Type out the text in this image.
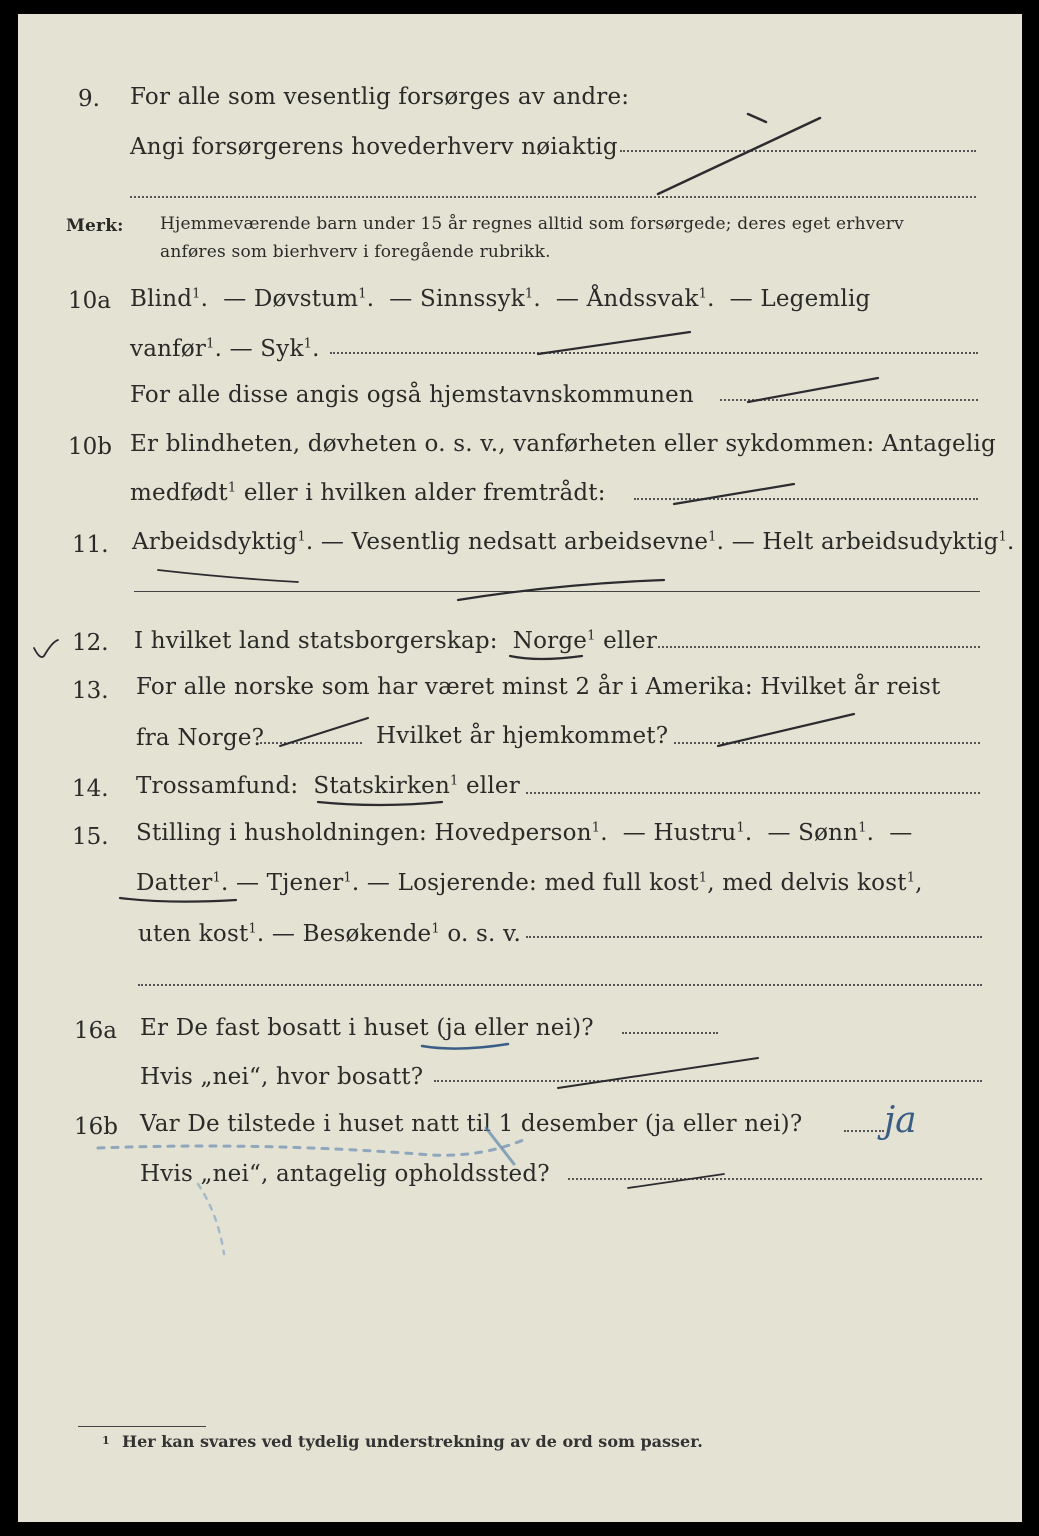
9. For alle som vesentlig forsørges av andre:
Angi forsørgerens hovederhverv nøiaktig
Merk: Hjemmeværende barn under 15 år regnes alltid som forsørgede; deres eget erhverv
anføres som bierhverv i foregående rubrikk.
10a Blind$^1$.  — Døvstum$^1$.  — Sinnssyk$^1$.  — Åndssvak$^1$.  — Legemlig
vanfør$^1$. — Syk$^1$.
For alle disse angis også hjemstavnskommunen
10b Er blindheten, døvheten o. s. v., vanførheten eller sykdommen: Antagelig
medfødt$^1$ eller i hvilken alder fremtrådt:
11. Arbeidsdyktig$^1$. — Vesentlig nedsatt arbeidsevne$^1$. — Helt arbeidsudyktig$^1$.
12. I hvilket land statsborgerskap: Norge$^1$ eller
13. For alle norske som har været minst 2 år i Amerika: Hvilket år reist
fra Norge?	Hvilket år hjemkommet?
14. Trossamfund: Statskirken$^1$ eller
15. Stilling i husholdningen: Hovedperson$^1$.  — Hustru$^1$.  — Sønn$^1$.  —
Datter$^1$. — Tjener$^1$. — Losjerende: med full kost$^1$, med delvis kost$^1$,
uten kost$^1$. — Besøkende$^1$ o. s. v.
16a Er De fast bosatt i huset (ja eller nei)?
Hvis „nei“, hvor bosatt?
16b Var De tilstede i huset natt til 1 desember (ja eller nei)? ja
Hvis „nei“, antagelig opholdssted?
1 Her kan svares ved tydelig understrekning av de ord som passer.
